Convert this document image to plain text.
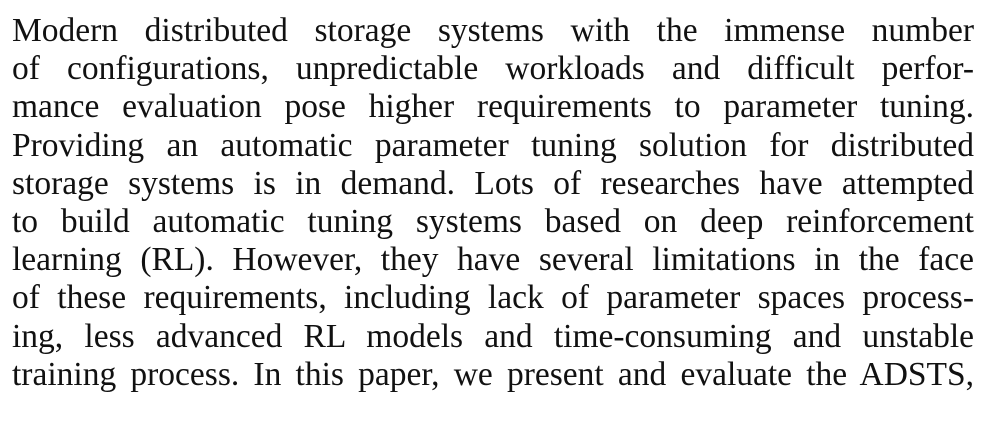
Modern distributed storage systems with the immense number
of configurations, unpredictable workloads and difficult perfor-
mance evaluation pose higher requirements to parameter tuning.
Providing an automatic parameter tuning solution for distributed
storage systems is in demand. Lots of researches have attempted
to build automatic tuning systems based on deep reinforcement
learning (RL). However, they have several limitations in the face
of these requirements, including lack of parameter spaces process-
ing, less advanced RL models and time-consuming and unstable
training process. In this paper, we present and evaluate the ADSTS,
